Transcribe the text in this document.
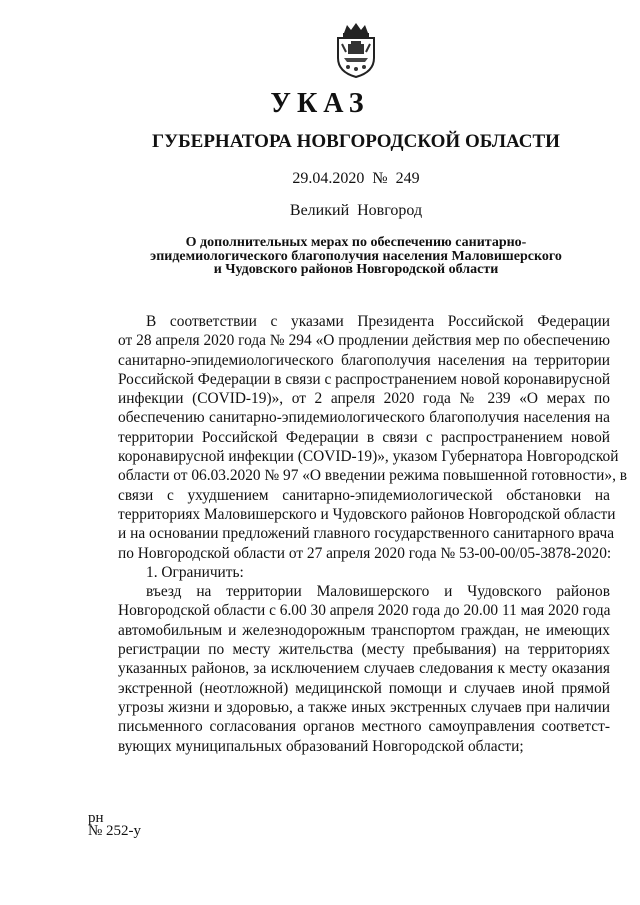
УКАЗ
ГУБЕРНАТОРА НОВГОРОДСКОЙ ОБЛАСТИ
29.04.2020  №  249
Великий  Новгород
О дополнительных мерах по обеспечению санитарно-
эпидемиологического благополучия населения Маловишерского
и Чудовского районов Новгородской области
В соответствии с указами Президента Российской Федерации
от 28 апреля 2020 года № 294 «О продлении действия мер по обеспечению
санитарно-эпидемиологического благополучия населения на территории
Российской Федерации в связи с распространением новой коронавирусной
инфекции (COVID-19)», от 2 апреля 2020 года № 239 «О мерах по
обеспечению санитарно-эпидемиологического благополучия населения на
территории Российской Федерации в связи с распространением новой
коронавирусной инфекции (COVID-19)», указом Губернатора Новгородской
области от 06.03.2020 № 97 «О введении режима повышенной готовности», в
связи с ухудшением санитарно-эпидемиологической обстановки на
территориях Маловишерского и Чудовского районов Новгородской области
и на основании предложений главного государственного санитарного врача
по Новгородской области от 27 апреля 2020 года № 53-00-00/05-3878-2020:
1. Ограничить:
въезд на территории Маловишерского и Чудовского районов
Новгородской области с 6.00 30 апреля 2020 года до 20.00 11 мая 2020 года
автомобильным и железнодорожным транспортом граждан, не имеющих
регистрации по месту жительства (месту пребывания) на территориях
указанных районов, за исключением случаев следования к месту оказания
экстренной (неотложной) медицинской помощи и случаев иной прямой
угрозы жизни и здоровью, а также иных экстренных случаев при наличии
письменного согласования органов местного самоуправления соответст-
вующих муниципальных образований Новгородской области;
рн
№ 252-у
